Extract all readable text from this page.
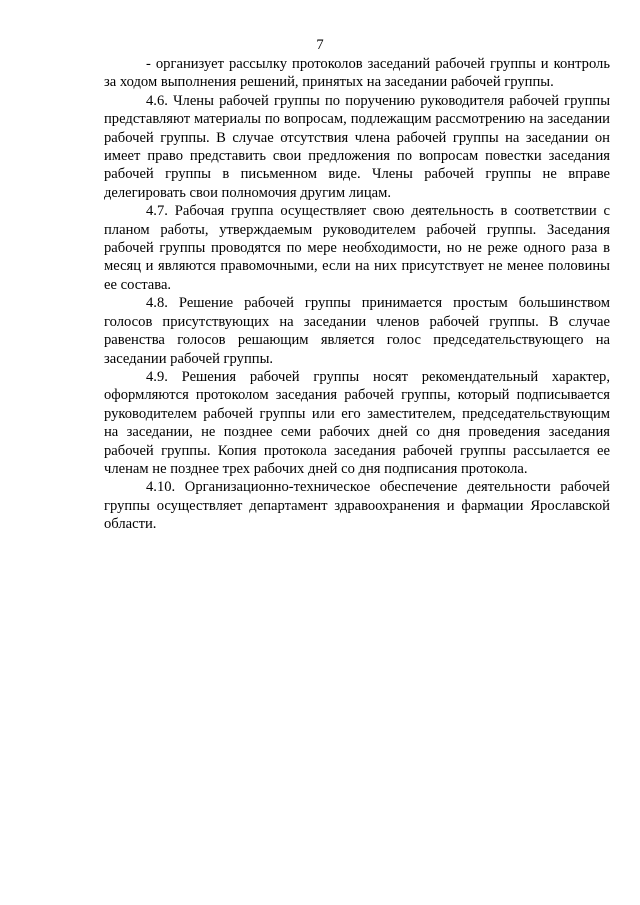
7

- организует рассылку протоколов заседаний рабочей группы и контроль за ходом выполнения решений, принятых на заседании рабочей группы.

4.6. Члены рабочей группы по поручению руководителя рабочей группы представляют материалы по вопросам, подлежащим рассмотрению на заседании рабочей группы. В случае отсутствия члена рабочей группы на заседании он имеет право представить свои предложения по вопросам повестки заседания рабочей группы в письменном виде. Члены рабочей группы не вправе делегировать свои полномочия другим лицам.

4.7. Рабочая группа осуществляет свою деятельность в соответствии с планом работы, утверждаемым руководителем рабочей группы. Заседания рабочей группы проводятся по мере необходимости, но не реже одного раза в месяц и являются правомочными, если на них присутствует не менее половины ее состава.

4.8. Решение рабочей группы принимается простым большинством голосов присутствующих на заседании членов рабочей группы. В случае равенства голосов решающим является голос председательствующего на заседании рабочей группы.

4.9. Решения рабочей группы носят рекомендательный характер, оформляются протоколом заседания рабочей группы, который подписывается руководителем рабочей группы или его заместителем, председательствующим на заседании, не позднее семи рабочих дней со дня проведения заседания рабочей группы. Копия протокола заседания рабочей группы рассылается ее членам не позднее трех рабочих дней со дня подписания протокола.

4.10. Организационно-техническое обеспечение деятельности рабочей группы осуществляет департамент здравоохранения и фармации Ярославской области.
